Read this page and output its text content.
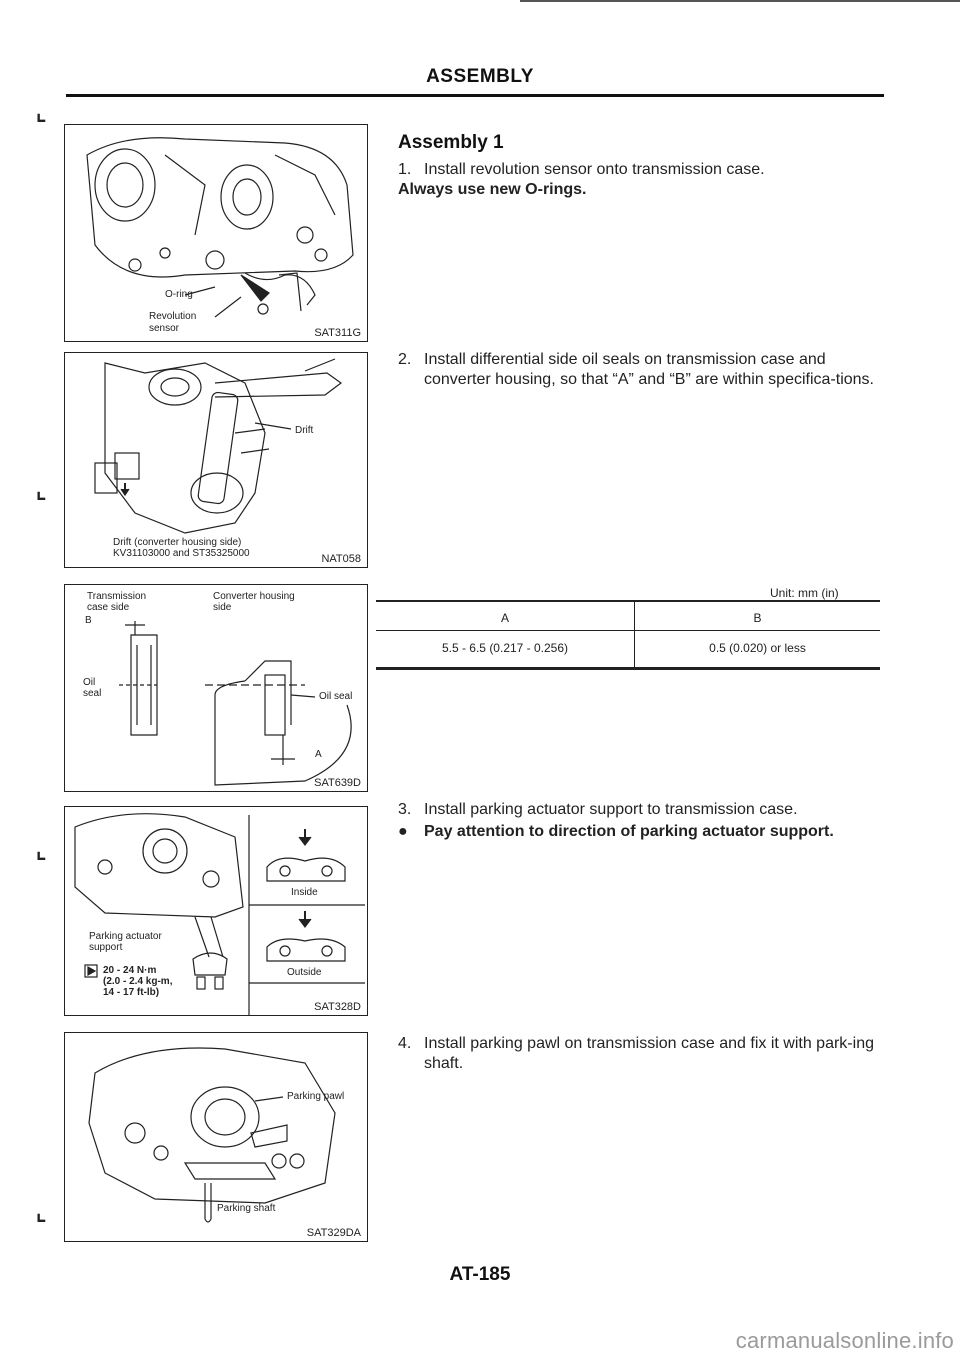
ASSEMBLY
⌞
⌞
⌞
⌞
O-ring
Revolution
sensor	SAT311G
Drift
Drift (converter housing side)
KV31103000 and ST35325000	NAT058
Transmission
case side
Converter housing
side
B
Oil
seal	Oil seal
A
SAT639D
Parking actuator
support
20 - 24 N·m
(2.0 - 2.4 kg-m,
14 - 17 ft-lb)
Inside
Outside
SAT328D
Parking pawl
Parking shaft
SAT329DA
Assembly 1
1. Install revolution sensor onto transmission case.
Always use new O-rings.
2. Install differential side oil seals on transmission case and converter housing, so that “A” and “B” are within specifica-tions.
Unit: mm (in)
A	B
5.5 - 6.5 (0.217 - 0.256)	0.5 (0.020) or less
3. Install parking actuator support to transmission case.
● Pay attention to direction of parking actuator support.
4. Install parking pawl on transmission case and fix it with park-ing shaft.
AT-185
carmanualsonline.info
